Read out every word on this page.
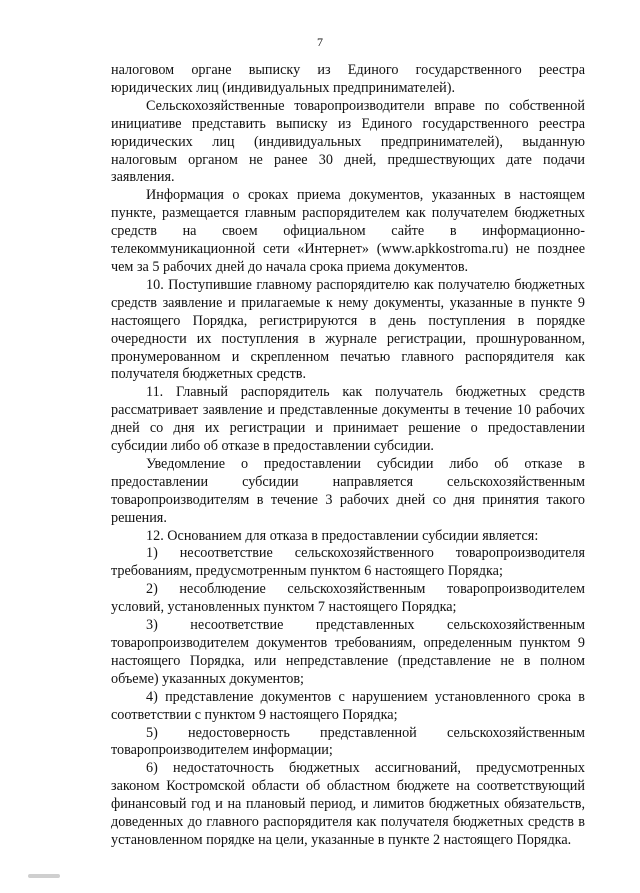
7

налоговом органе выписку из Единого государственного реестра юридических лиц (индивидуальных предпринимателей).

Сельскохозяйственные товаропроизводители вправе по собственной инициативе представить выписку из Единого государственного реестра юридических лиц (индивидуальных предпринимателей), выданную налоговым органом не ранее 30 дней, предшествующих дате подачи заявления.

Информация о сроках приема документов, указанных в настоящем пункте, размещается главным распорядителем как получателем бюджетных средств на своем официальном сайте в информационно-телекоммуникационной сети «Интернет» (www.apkkostroma.ru) не позднее чем за 5 рабочих дней до начала срока приема документов.

10. Поступившие главному распорядителю как получателю бюджетных средств заявление и прилагаемые к нему документы, указанные в пункте 9 настоящего Порядка, регистрируются в день поступления в порядке очередности их поступления в журнале регистрации, прошнурованном, пронумерованном и скрепленном печатью главного распорядителя как получателя бюджетных средств.

11. Главный распорядитель как получатель бюджетных средств рассматривает заявление и представленные документы в течение 10 рабочих дней со дня их регистрации и принимает решение о предоставлении субсидии либо об отказе в предоставлении субсидии.

Уведомление о предоставлении субсидии либо об отказе в предоставлении субсидии направляется сельскохозяйственным товаропроизводителям в течение 3 рабочих дней со дня принятия такого решения.

12. Основанием для отказа в предоставлении субсидии является:

1) несоответствие сельскохозяйственного товаропроизводителя требованиям, предусмотренным пунктом 6 настоящего Порядка;

2) несоблюдение сельскохозяйственным товаропроизводителем условий, установленных пунктом 7 настоящего Порядка;

3) несоответствие представленных сельскохозяйственным товаропроизводителем документов требованиям, определенным пунктом 9 настоящего Порядка, или непредставление (представление не в полном объеме) указанных документов;

4) представление документов с нарушением установленного срока в соответствии с пунктом 9 настоящего Порядка;

5) недостоверность представленной сельскохозяйственным товаропроизводителем информации;

6) недостаточность бюджетных ассигнований, предусмотренных законом Костромской области об областном бюджете на соответствующий финансовый год и на плановый период, и лимитов бюджетных обязательств, доведенных до главного распорядителя как получателя бюджетных средств в установленном порядке на цели, указанные в пункте 2 настоящего Порядка.
